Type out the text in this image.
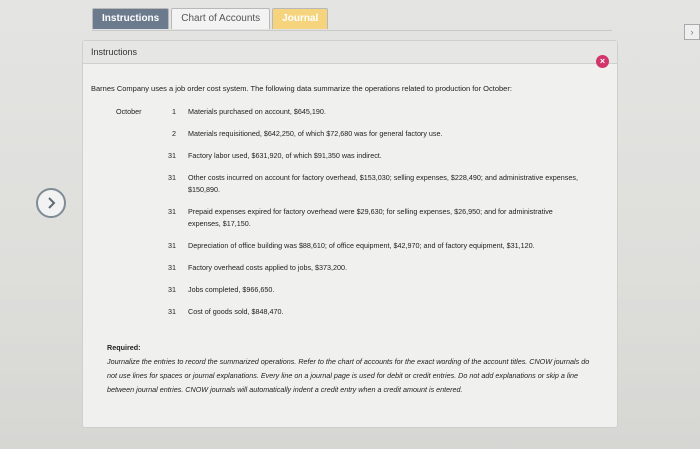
Instructions	Chart of Accounts	Journal
›
Instructions
×
Barnes Company uses a job order cost system. The following data summarize the operations related to production for October:
October	1	Materials purchased on account, $645,190.
2	Materials requisitioned, $642,250, of which $72,680 was for general factory use.
31	Factory labor used, $631,920, of which $91,350 was indirect.
31	Other costs incurred on account for factory overhead, $153,030; selling expenses, $228,490; and administrative expenses, $150,890.
31	Prepaid expenses expired for factory overhead were $29,630; for selling expenses, $26,950; and for administrative expenses, $17,150.
31	Depreciation of office building was $88,610; of office equipment, $42,970; and of factory equipment, $31,120.
31	Factory overhead costs applied to jobs, $373,200.
31	Jobs completed, $966,650.
31	Cost of goods sold, $848,470.
Required:
Journalize the entries to record the summarized operations. Refer to the chart of accounts for the exact wording of the account titles. CNOW journals do not use lines for spaces or journal explanations. Every line on a journal page is used for debit or credit entries. Do not add explanations or skip a line between journal entries. CNOW journals will automatically indent a credit entry when a credit amount is entered.
